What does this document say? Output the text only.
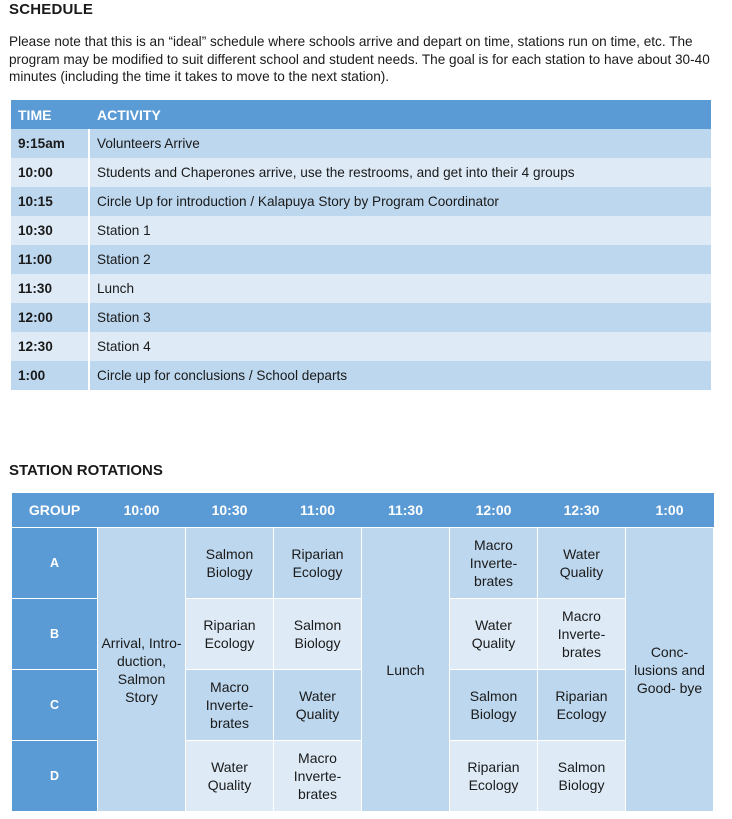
SCHEDULE
Please note that this is an “ideal” schedule where schools arrive and depart on time, stations run on time, etc. The program may be modified to suit different school and student needs. The goal is for each station to have about 30-40 minutes (including the time it takes to move to the next station).
TIME	ACTIVITY
9:15am	Volunteers Arrive
10:00	Students and Chaperones arrive, use the restrooms, and get into their 4 groups
10:15	Circle Up for introduction / Kalapuya Story by Program Coordinator
10:30	Station 1
11:00	Station 2
11:30	Lunch
12:00	Station 3
12:30	Station 4
1:00	Circle up for conclusions / School departs
STATION ROTATIONS
GROUP	10:00	10:30	11:00	11:30	12:00	12:30	1:00
A	Arrival, Intro- duction, Salmon Story	Salmon Biology	Riparian Ecology	Lunch	Macro Inverte- brates	Water Quality	Conc- lusions and Good- bye
B		Riparian Ecology	Salmon Biology		Water Quality	Macro Inverte- brates	
C		Macro Inverte- brates	Water Quality		Salmon Biology	Riparian Ecology	
D		Water Quality	Macro Inverte- brates		Riparian Ecology	Salmon Biology	
